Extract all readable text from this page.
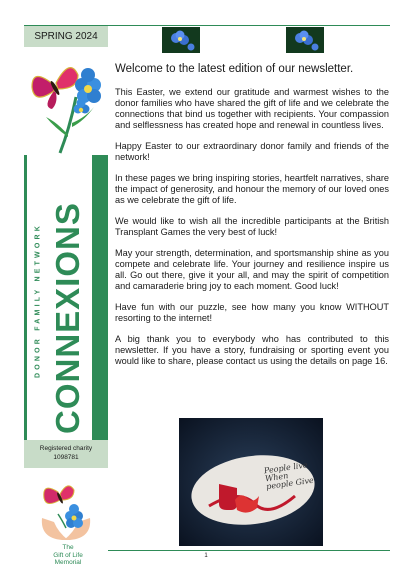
SPRING 2024
DONOR FAMILY NETWORK CONNEXIONS
Registered charity
1098781
Welcome to the latest edition of our newsletter.

This Easter, we extend our gratitude and warmest wishes to the donor families who have shared the gift of life and we celebrate the connections that bind us together with recipients. Your compassion and selflessness has created hope and renewal in countless lives.

Happy Easter to our extraordinary donor family and friends of the network!

In these pages we bring inspiring stories, heartfelt narratives, share the impact of generosity, and honour the memory of our loved ones as we celebrate the gift of life.

We would like to wish all the incredible participants at the British Transplant Games the very best of luck!

May your strength, determination, and sportsmanship shine as you compete and celebrate life. Your journey and resilience inspire us all. Go out there, give it your all, and may the spirit of competition and camaraderie bring joy to each moment. Good luck!

Have fun with our puzzle, see how many you know WITHOUT resorting to the internet!

A big thank you to everybody who has contributed to this newsletter. If you have a story, fundraising or sporting event you would like to share, please contact us using the details on page 16.

People live When people Give
1
The
Gift of Life
Memorial
